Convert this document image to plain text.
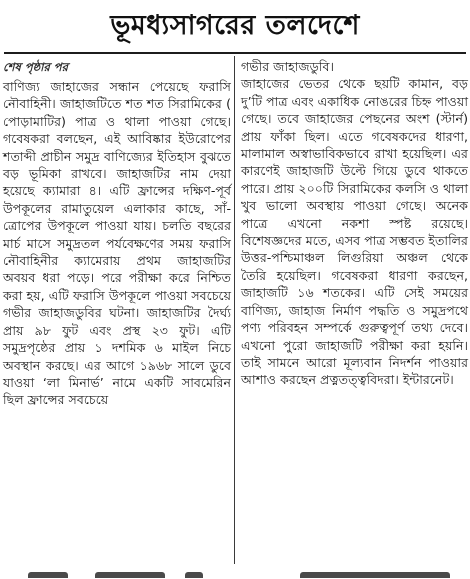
ভূমধ্যসাগরের তলদেশে
শেষ পৃষ্ঠার পর

বাণিজ্য জাহাজের সন্ধান পেয়েছে ফরাসি নৌবাহিনী। জাহাজটিতে শত শত সিরামিকের ( পোড়ামাটির) পাত্র ও থালা পাওয়া গেছে। গবেষকরা বলছেন, এই আবিষ্কার ইউরোপের শতাব্দী প্রাচীন সমুদ্র বাণিজ্যের ইতিহাস বুঝতে বড় ভূমিকা রাখবে। জাহাজটির নাম দেয়া হয়েছে ক্যামারা ৪। এটি ফ্রান্সের দক্ষিণ-পূর্ব উপকূলের রামাতুয়েল এলাকার কাছে, সাঁ-ত্রোপের উপকূলে পাওয়া যায়। চলতি বছরের মার্চ মাসে সমুদ্রতল পর্যবেক্ষণের সময় ফরাসি নৌবাহিনীর ক্যামেরায় প্রথম জাহাজটির অবয়ব ধরা পড়ে। পরে পরীক্ষা করে নিশ্চিত করা হয়, এটি ফরাসি উপকূলে পাওয়া সবচেয়ে গভীর জাহাজডুবির ঘটনা। জাহাজটির দৈর্ঘ্য প্রায় ৯৮ ফুট এবং প্রস্থ ২৩ ফুট। এটি সমুদ্রপৃষ্ঠের প্রায় ১ দশমিক ৬ মাইল নিচে অবস্থান করছে। এর আগে ১৯৬৮ সালে ডুবে যাওয়া ‘লা মিনার্ভ’ নামে একটি সাবমেরিন ছিল ফ্রান্সের সবচেয়ে

গভীর জাহাজডুবি।

জাহাজের ভেতর থেকে ছয়টি কামান, বড় দু’টি পাত্র এবং একাধিক নোঙরের চিহ্ন পাওয়া গেছে। তবে জাহাজের পেছনের অংশ (স্টার্ন) প্রায় ফাঁকা ছিল। এতে গবেষকদের ধারণা, মালামাল অস্বাভাবিকভাবে রাখা হয়েছিল। এর কারণেই জাহাজটি উল্টে গিয়ে ডুবে থাকতে পারে। প্রায় ২০০টি সিরামিকের কলসি ও থালা খুব ভালো অবস্থায় পাওয়া গেছে। অনেক পাত্রে এখনো নকশা স্পষ্ট রয়েছে। বিশেষজ্ঞদের মতে, এসব পাত্র সম্ভবত ইতালির উত্তর-পশ্চিমাঞ্চল লিগুরিয়া অঞ্চল থেকে তৈরি হয়েছিল। গবেষকরা ধারণা করছেন, জাহাজটি ১৬ শতকের। এটি সেই সময়ের বাণিজ্য, জাহাজ নির্মাণ পদ্ধতি ও সমুদ্রপথে পণ্য পরিবহন সম্পর্কে গুরুত্বপূর্ণ তথ্য দেবে। এখনো পুরো জাহাজটি পরীক্ষা করা হয়নি। তাই সামনে আরো মূল্যবান নিদর্শন পাওয়ার আশাও করছেন প্রত্নতত্ত্ববিদরা। ইন্টারনেট।
